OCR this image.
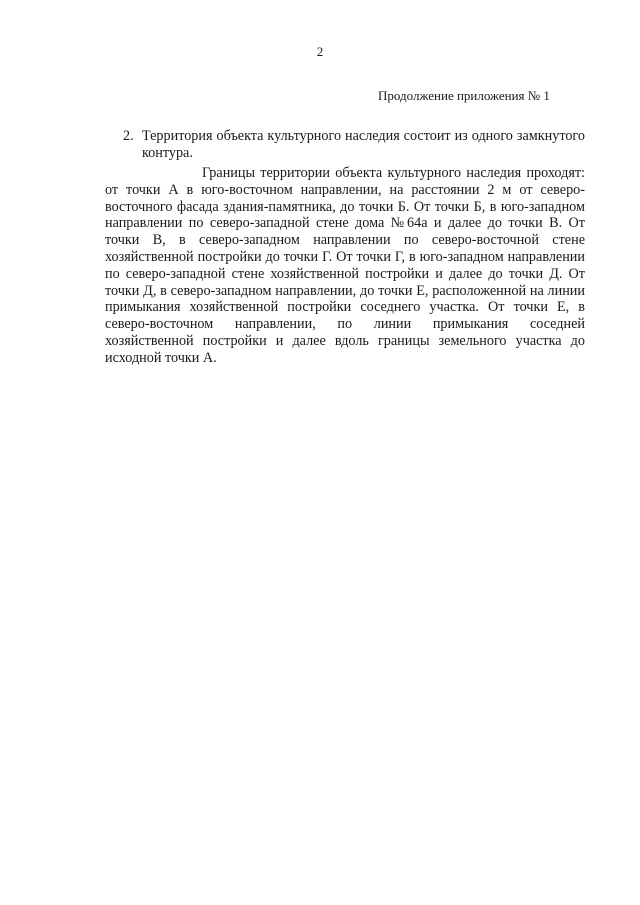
2
Продолжение приложения № 1

2. Территория объекта культурного наследия состоит из одного замкнутого контура.

Границы территории объекта культурного наследия проходят: от точки А в юго-восточном направлении, на расстоянии 2 м от северо-восточного фасада здания-памятника, до точки Б. От точки Б, в юго-западном направлении по северо-западной стене дома №64а и далее до точки В. От точки В, в северо-западном направлении по северо-восточной стене хозяйственной постройки до точки Г. От точки Г, в юго-западном направлении по северо-западной стене хозяйственной постройки и далее до точки Д. От точки Д, в северо-западном направлении, до точки Е, расположенной на линии примыкания хозяйственной постройки соседнего участка. От точки Е, в северо-восточном направлении, по линии примыкания соседней хозяйственной постройки и далее вдоль границы земельного участка до исходной точки А.
